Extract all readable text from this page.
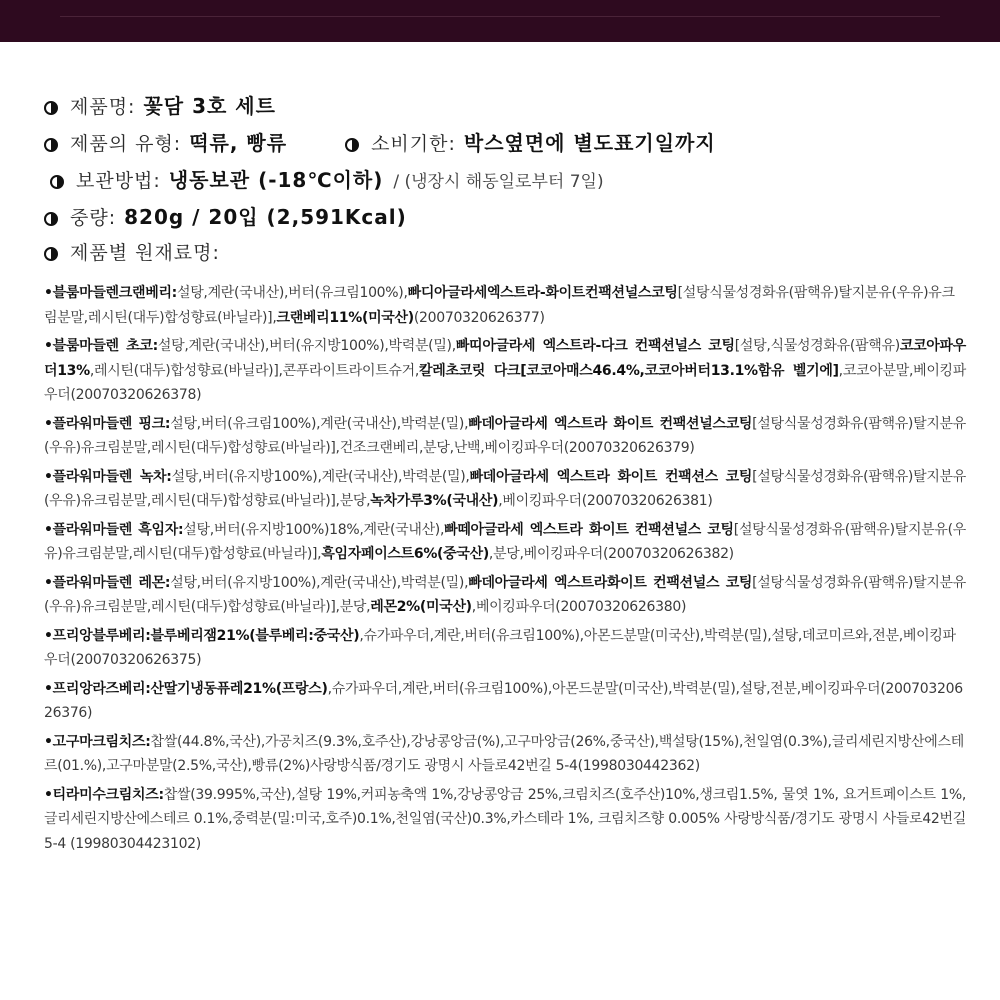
제품명: 꽃담 3호 세트
제품의 유형: 떡류, 빵류	소비기한: 박스옆면에 별도표기일까지
보관방법: 냉동보관 (-18℃이하) / (냉장시 해동일로부터 7일)
중량: 820g / 20입 (2,591Kcal)
제품별 원재료명:

•블룸마들렌크랜베리:설탕,계란(국내산),버터(유크림100%),빠디아글라세엑스트라-화이트컨팩션널스코팅[설탕식물성경화유(팜핵유)탈지분유(우유)유크림분말,레시틴(대두)합성향료(바닐라)],크랜베리11%(미국산)(20070320626377)

•블룸마들렌 초코:설탕,계란(국내산),버터(유지방100%),박력분(밀),빠띠아글라세 엑스트라-다크 컨팩션널스 코팅[설탕,식물성경화유(팜핵유)코코아파우더13%,레시틴(대두)합성향료(바닐라)],콘푸라이트라이트슈거,칼레초코릿 다크[코코아매스46.4%,코코아버터13.1%함유 벨기에],코코아분말,베이킹파우더(20070320626378)

•플라워마들렌 핑크:설탕,버터(유크림100%),계란(국내산),박력분(밀),빠데아글라세 엑스트라 화이트 컨팩션널스코팅[설탕식물성경화유(팜핵유)탈지분유(우유)유크림분말,레시틴(대두)합성향료(바닐라)],건조크랜베리,분당,난백,베이킹파우더(20070320626379)

•플라워마들렌 녹차:설탕,버터(유지방100%),계란(국내산),박력분(밀),빠데아글라세 엑스트라 화이트 컨팩션스 코팅[설탕식물성경화유(팜핵유)탈지분유(우유)유크림분말,레시틴(대두)합성향료(바닐라)],분당,녹차가루3%(국내산),베이킹파우더(20070320626381)

•플라워마들렌 흑임자:설탕,버터(유지방100%)18%,계란(국내산),빠떼아글라세 엑스트라 화이트 컨팩션널스 코팅[설탕식물성경화유(팜핵유)탈지분유(우유)유크림분말,레시틴(대두)합성향료(바닐라)],흑임자페이스트6%(중국산),분당,베이킹파우더(20070320626382)

•플라워마들렌 레몬:설탕,버터(유지방100%),계란(국내산),박력분(밀),빠데아글라세 엑스트라화이트 컨팩션널스 코팅[설탕식물성경화유(팜핵유)탈지분유(우유)유크림분말,레시틴(대두)합성향료(바닐라)],분당,레몬2%(미국산),베이킹파우더(20070320626380)

•프리앙블루베리:블루베리잼21%(블루베리:중국산),슈가파우더,계란,버터(유크림100%),아몬드분말(미국산),박력분(밀),설탕,데코미르와,전분,베이킹파우더(20070320626375)

•프리앙라즈베리:산딸기냉동퓨레21%(프랑스),슈가파우더,계란,버터(유크림100%),아몬드분말(미국산),박력분(밀),설탕,전분,베이킹파우더(20070320626376)

•고구마크림치즈:찹쌀(44.8%,국산),가공치즈(9.3%,호주산),강낭콩앙금(%),고구마앙금(26%,중국산),백설탕(15%),천일염(0.3%),글리세린지방산에스테르(01.%),고구마분말(2.5%,국산),빵류(2%)사랑방식품/경기도 광명시 사들로42번길 5-4(1998030442362)

•티라미수크림치즈:찹쌀(39.995%,국산),설탕 19%,커피농축액 1%,강낭콩앙금 25%,크림치즈(호주산)10%,생크림1.5%, 물엿 1%, 요거트페이스트 1%,글리세린지방산에스테르 0.1%,중력분(밀:미국,호주)0.1%,천일염(국산)0.3%,카스테라 1%, 크림치즈향 0.005% 사랑방식품/경기도 광명시 사들로42번길 5-4 (19980304423102)
